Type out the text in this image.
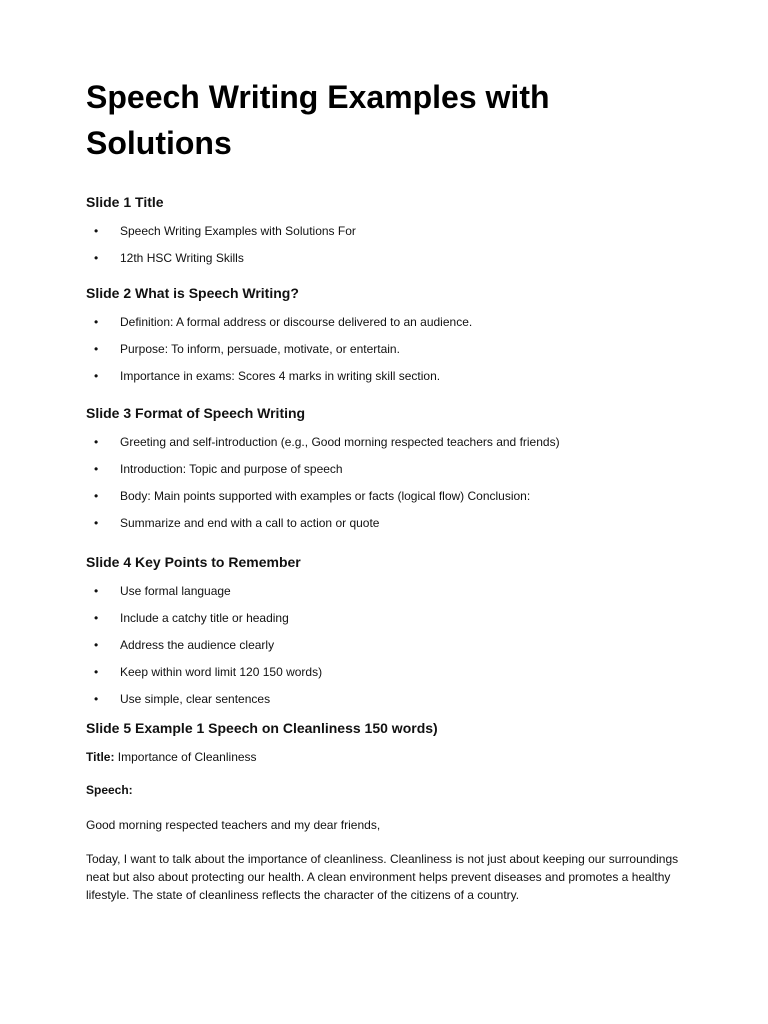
Speech Writing Examples with Solutions
Slide 1 Title
• Speech Writing Examples with Solutions For
• 12th HSC Writing Skills
Slide 2 What is Speech Writing?
• Definition: A formal address or discourse delivered to an audience.
• Purpose: To inform, persuade, motivate, or entertain.
• Importance in exams: Scores 4 marks in writing skill section.
Slide 3 Format of Speech Writing
• Greeting and self-introduction (e.g., Good morning respected teachers and friends)
• Introduction: Topic and purpose of speech
• Body: Main points supported with examples or facts (logical flow) Conclusion:
• Summarize and end with a call to action or quote
Slide 4 Key Points to Remember
• Use formal language
• Include a catchy title or heading
• Address the audience clearly
• Keep within word limit 120 150 words)
• Use simple, clear sentences
Slide 5 Example 1 Speech on Cleanliness 150 words)

Title: Importance of Cleanliness

Speech:

Good morning respected teachers and my dear friends,

Today, I want to talk about the importance of cleanliness. Cleanliness is not just about keeping our surroundings neat but also about protecting our health. A clean environment helps prevent diseases and promotes a healthy lifestyle. The state of cleanliness reflects the character of the citizens of a country.
